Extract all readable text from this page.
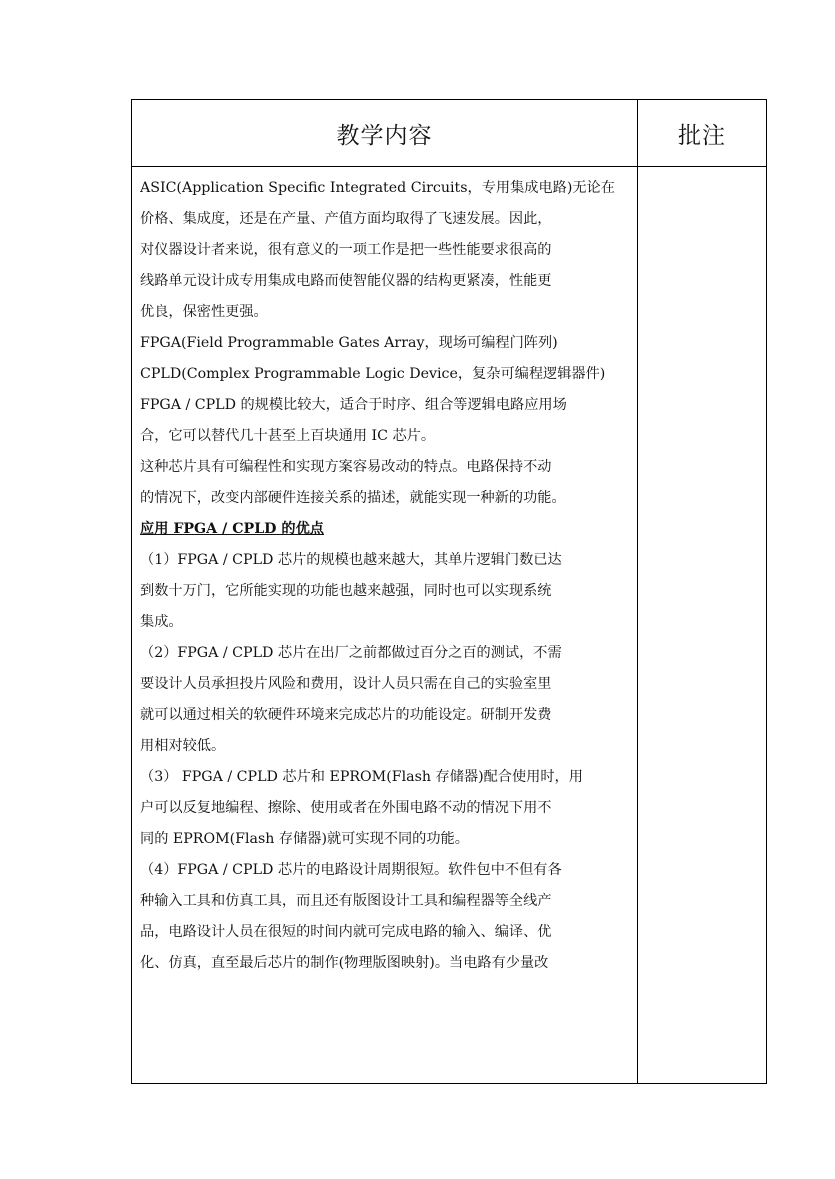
教学内容	批注
ASIC(Application Specific Integrated Circuits，专用集成电路)无论在
价格、集成度，还是在产量、产值方面均取得了飞速发展。因此，
对仪器设计者来说，很有意义的一项工作是把一些性能要求很高的
线路单元设计成专用集成电路而使智能仪器的结构更紧凑，性能更
优良，保密性更强。
FPGA(Field Programmable Gates Array，现场可编程门阵列)
CPLD(Complex Programmable Logic Device，复杂可编程逻辑器件)
FPGA / CPLD 的规模比较大，适合于时序、组合等逻辑电路应用场
合，它可以替代几十甚至上百块通用 IC 芯片。
这种芯片具有可编程性和实现方案容易改动的特点。电路保持不动
的情况下，改变内部硬件连接关系的描述，就能实现一种新的功能。
应用 FPGA / CPLD 的优点
（1）FPGA / CPLD 芯片的规模也越来越大，其单片逻辑门数已达
到数十万门，它所能实现的功能也越来越强，同时也可以实现系统
集成。
（2）FPGA / CPLD 芯片在出厂之前都做过百分之百的测试，不需
要设计人员承担投片风险和费用，设计人员只需在自己的实验室里
就可以通过相关的软硬件环境来完成芯片的功能设定。研制开发费
用相对较低。
（3） FPGA / CPLD 芯片和 EPROM(Flash 存储器)配合使用时，用
户可以反复地编程、擦除、使用或者在外围电路不动的情况下用不
同的 EPROM(Flash 存储器)就可实现不同的功能。
（4）FPGA / CPLD 芯片的电路设计周期很短。软件包中不但有各
种输入工具和仿真工具，而且还有版图设计工具和编程器等全线产
品，电路设计人员在很短的时间内就可完成电路的输入、编译、优
化、仿真，直至最后芯片的制作(物理版图映射)。当电路有少量改
